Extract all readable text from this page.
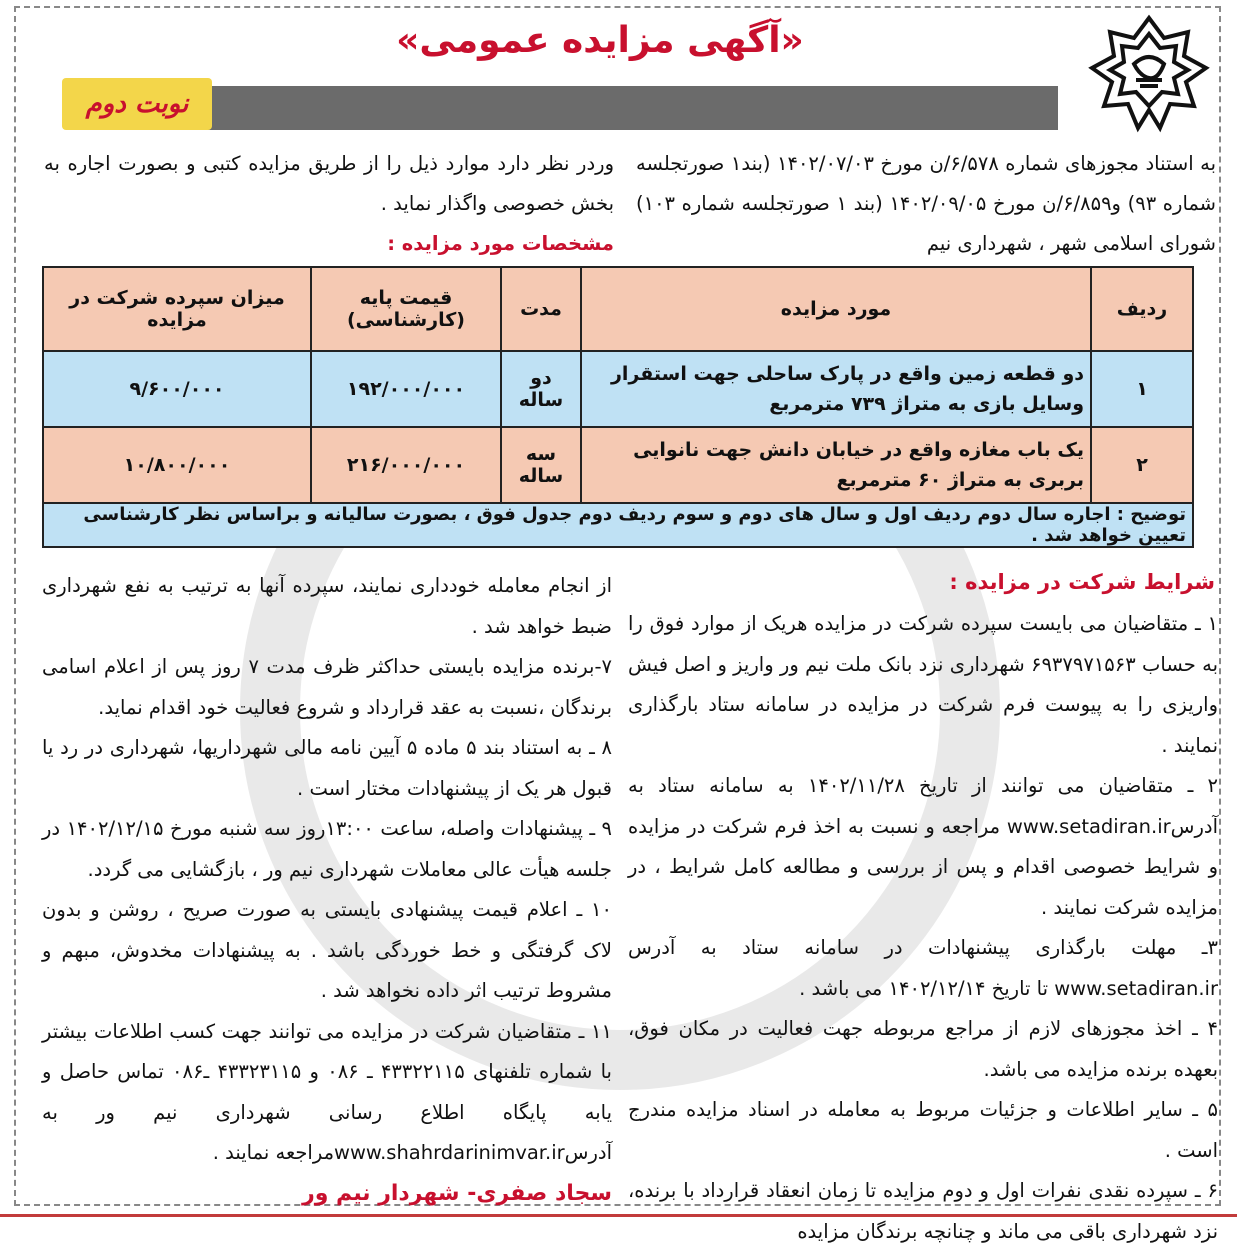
«آگهی مزایده عمومی»
نوبت دوم
به استناد مجوزهای شماره ۶/۵۷۸/ن مورخ ۱۴۰۲/۰۷/۰۳ (بند۱ صورتجلسه شماره ۹۳) و۶/۸۵۹/ن مورخ ۱۴۰۲/۰۹/۰۵ (بند ۱ صورتجلسه شماره ۱۰۳) شورای اسلامی شهر ، شهرداری نیم
وردر نظر دارد موارد ذیل را از طریق مزایده کتبی و بصورت اجاره به بخش خصوصی واگذار نماید .
مشخصات مورد مزایده :
ردیف	مورد مزایده	مدت	قیمت پایه (کارشناسی)	میزان سپرده شرکت در مزایده
۱	دو قطعه زمین واقع در پارک ساحلی جهت استقرار وسایل بازی به متراژ ۷۳۹ مترمربع	دو ساله	۱۹۲/۰۰۰/۰۰۰	۹/۶۰۰/۰۰۰
۲	یک باب مغازه واقع در خیابان دانش جهت نانوایی بربری به متراژ ۶۰ مترمربع	سه ساله	۲۱۶/۰۰۰/۰۰۰	۱۰/۸۰۰/۰۰۰
توضیح : اجاره سال دوم ردیف اول و سال های دوم و سوم ردیف دوم جدول فوق ، بصورت سالیانه و براساس نظر کارشناسی تعیین خواهد شد .				
شرایط شرکت در مزایده :

۱ ـ متقاضیان می بایست سپرده شرکت در مزایده هریک از موارد فوق را به حساب ۶۹۳۷۹۷۱۵۶۳ شهرداری نزد بانک ملت نیم ور واریز و اصل فیش واریزی را به پیوست فرم شرکت در مزایده در سامانه ستاد بارگذاری نمایند .

۲ ـ متقاضیان می توانند از تاریخ ۱۴۰۲/۱۱/۲۸ به سامانه ستاد به آدرسwww.setadiran.ir مراجعه و نسبت به اخذ فرم شرکت در مزایده و شرایط خصوصی اقدام و پس از بررسی و مطالعه کامل شرایط ، در مزایده شرکت نمایند .

۳ـ مهلت بارگذاری پیشنهادات در سامانه ستاد به آدرس www.setadiran.ir تا تاریخ ۱۴۰۲/۱۲/۱۴ می باشد .

۴ ـ اخذ مجوزهای لازم از مراجع مربوطه جهت فعالیت در مکان فوق، بعهده برنده مزایده می باشد.

۵ ـ سایر اطلاعات و جزئیات مربوط به معامله در اسناد مزایده مندرج است .

۶ ـ سپرده نقدی نفرات اول و دوم مزایده تا زمان انعقاد قرارداد با برنده، نزد شهرداری باقی می ماند و چنانچه برندگان مزایده

از انجام معامله خودداری نمایند، سپرده آنها به ترتیب به نفع شهرداری ضبط خواهد شد .

۷-برنده مزایده بایستی حداکثر ظرف مدت ۷ روز پس از اعلام اسامی برندگان ،نسبت به عقد قرارداد و شروع فعالیت خود اقدام نماید.

۸ ـ به استناد بند ۵ ماده ۵ آیین نامه مالی شهرداریها، شهرداری در رد یا قبول هر یک از پیشنهادات مختار است .

۹ ـ پیشنهادات واصله، ساعت ۱۳:۰۰روز سه شنبه مورخ ۱۴۰۲/۱۲/۱۵ در جلسه هیأت عالی معاملات شهرداری نیم ور ، بازگشایی می گردد.

۱۰ ـ اعلام قیمت پیشنهادی بایستی به صورت صریح ، روشن و بدون لاک گرفتگی و خط خوردگی باشد . به پیشنهادات مخدوش، مبهم و مشروط ترتیب اثر داده نخواهد شد .

۱۱ ـ متقاضیان شرکت در مزایده می توانند جهت کسب اطلاعات بیشتر با شماره تلفنهای ۴۳۳۲۲۱۱۵ ـ ۰۸۶ و ۴۳۳۲۳۱۱۵ ـ۰۸۶ تماس حاصل و یابه پایگاه اطلاع رسانی شهرداری نیم ور به آدرسwww.shahrdarinimvar.irمراجعه نمایند .

سجاد صفری- شهردار نیم ور
